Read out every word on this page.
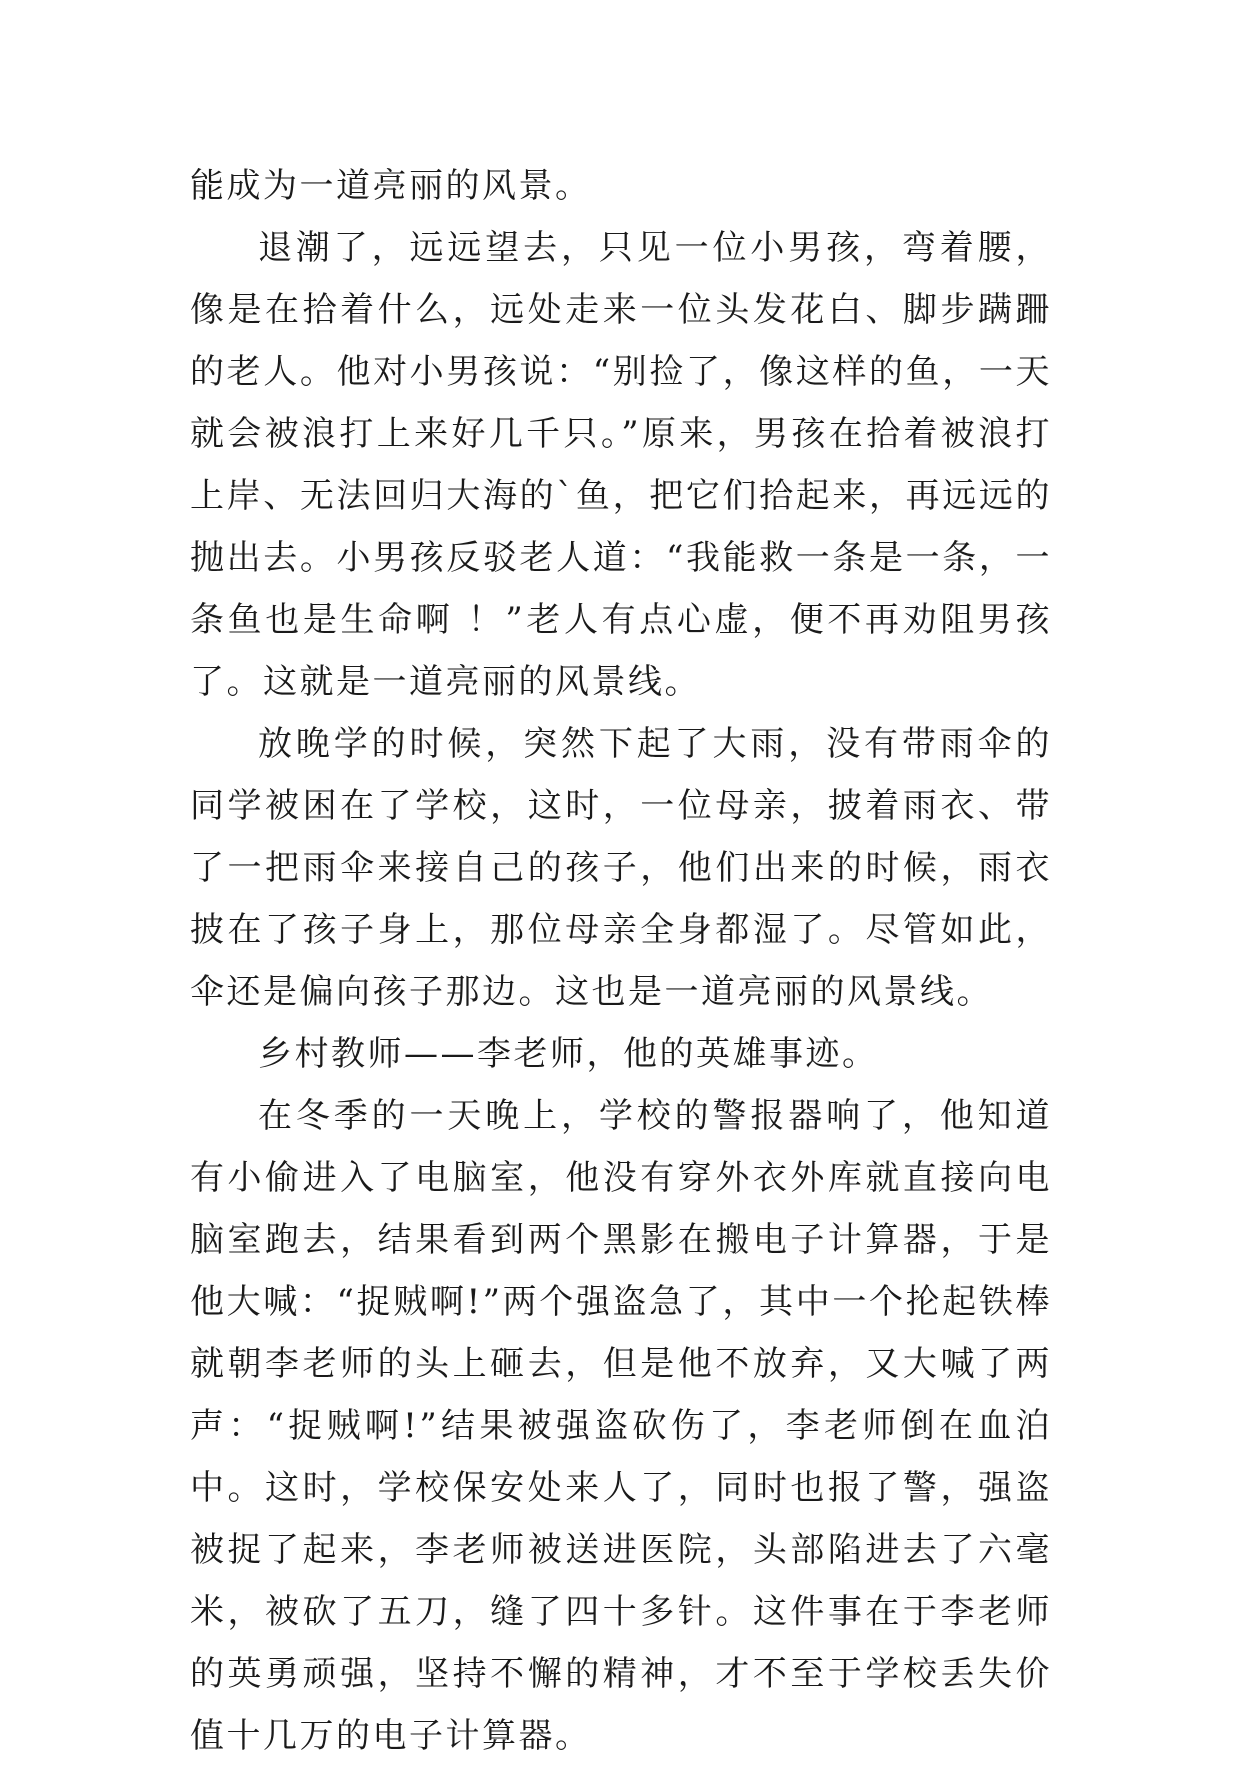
能成为一道亮丽的风景。

退潮了，远远望去，只见一位小男孩，弯着腰，像是在拾着什么，远处走来一位头发花白、脚步蹒跚的老人。他对小男孩说：“别捡了，像这样的鱼，一天就会被浪打上来好几千只。”原来，男孩在拾着被浪打上岸、无法回归大海的`鱼，把它们拾起来，再远远的抛出去。小男孩反驳老人道：“我能救一条是一条，一条鱼也是生命啊 ！”老人有点心虚，便不再劝阻男孩了。这就是一道亮丽的风景线。

放晚学的时候，突然下起了大雨，没有带雨伞的同学被困在了学校，这时，一位母亲，披着雨衣、带了一把雨伞来接自己的孩子，他们出来的时候，雨衣披在了孩子身上，那位母亲全身都湿了。尽管如此，伞还是偏向孩子那边。这也是一道亮丽的风景线。

乡村教师——李老师，他的英雄事迹。

在冬季的一天晚上，学校的警报器响了，他知道有小偷进入了电脑室，他没有穿外衣外库就直接向电脑室跑去，结果看到两个黑影在搬电子计算器，于是他大喊：“捉贼啊!”两个强盗急了，其中一个抡起铁棒就朝李老师的头上砸去，但是他不放弃，又大喊了两声：“捉贼啊!”结果被强盗砍伤了，李老师倒在血泊中。这时，学校保安处来人了，同时也报了警，强盗被捉了起来，李老师被送进医院，头部陷进去了六毫米，被砍了五刀，缝了四十多针。这件事在于李老师的英勇顽强，坚持不懈的精神，才不至于学校丢失价值十几万的电子计算器。
